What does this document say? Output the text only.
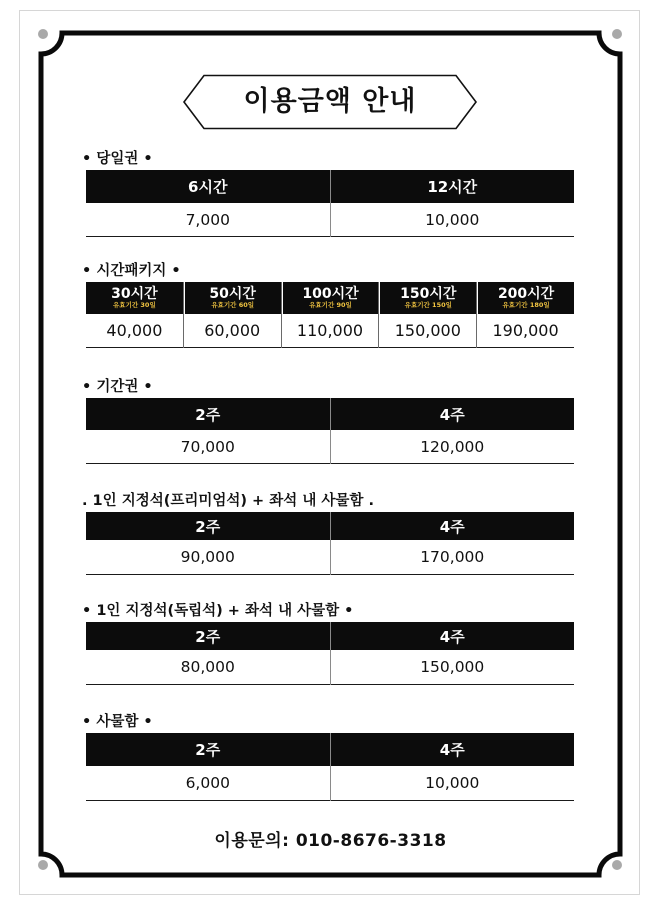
이용금액 안내
• 당일권 •
6시간
7,000
12시간
10,000
• 시간패키지 •
30시간
유효기간 30일
40,000
50시간
유효기간 60일
60,000
100시간
유효기간 90일
110,000
150시간
유효기간 150일
150,000
200시간
유효기간 180일
190,000
• 기간권 •
2주
70,000
4주
120,000
. 1인 지정석(프리미엄석) + 좌석 내 사물함 .
2주
90,000
4주
170,000
• 1인 지정석(독립석) + 좌석 내 사물함 •
2주
80,000
4주
150,000
• 사물함 •
2주
6,000
4주
10,000
이용문의: 010-8676-3318
